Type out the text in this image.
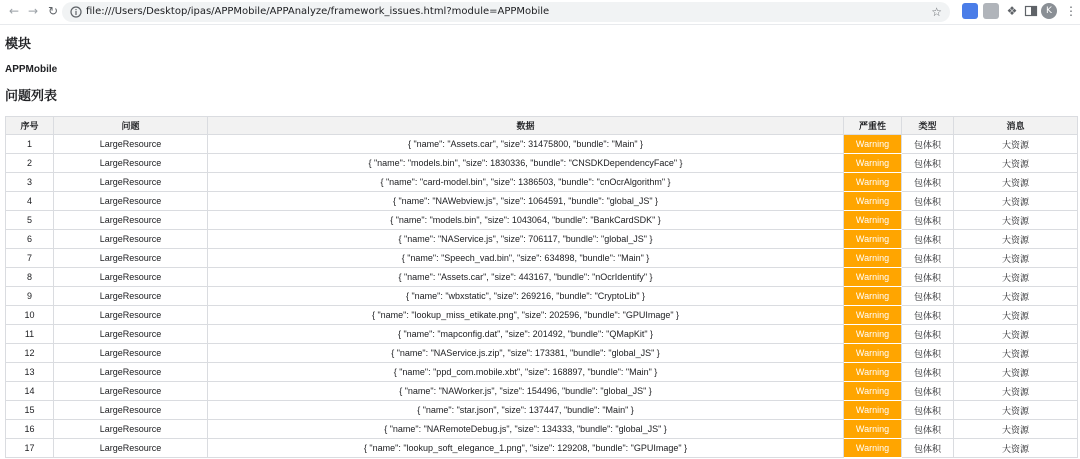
← → ↻	file:///Users/Desktop/ipas/APPMobile/APPAnalyze/framework_issues.html?module=APPMobile	☆	❖	K	⋮
模块
APPMobile
问题列表
序号	问题	数据	严重性	类型	消息
1	LargeResource	{ "name": "Assets.car", "size": 31475800, "bundle": "Main" }	Warning	包体积	大资源
2	LargeResource	{ "name": "models.bin", "size": 1830336, "bundle": "CNSDKDependencyFace" }	Warning	包体积	大资源
3	LargeResource	{ "name": "card-model.bin", "size": 1386503, "bundle": "cnOcrAlgorithm" }	Warning	包体积	大资源
4	LargeResource	{ "name": "NAWebview.js", "size": 1064591, "bundle": "global_JS" }	Warning	包体积	大资源
5	LargeResource	{ "name": "models.bin", "size": 1043064, "bundle": "BankCardSDK" }	Warning	包体积	大资源
6	LargeResource	{ "name": "NAService.js", "size": 706117, "bundle": "global_JS" }	Warning	包体积	大资源
7	LargeResource	{ "name": "Speech_vad.bin", "size": 634898, "bundle": "Main" }	Warning	包体积	大资源
8	LargeResource	{ "name": "Assets.car", "size": 443167, "bundle": "nOcrIdentify" }	Warning	包体积	大资源
9	LargeResource	{ "name": "wbxstatic", "size": 269216, "bundle": "CryptoLib" }	Warning	包体积	大资源
10	LargeResource	{ "name": "lookup_miss_etikate.png", "size": 202596, "bundle": "GPUImage" }	Warning	包体积	大资源
11	LargeResource	{ "name": "mapconfig.dat", "size": 201492, "bundle": "QMapKit" }	Warning	包体积	大资源
12	LargeResource	{ "name": "NAService.js.zip", "size": 173381, "bundle": "global_JS" }	Warning	包体积	大资源
13	LargeResource	{ "name": "ppd_com.mobile.xbt", "size": 168897, "bundle": "Main" }	Warning	包体积	大资源
14	LargeResource	{ "name": "NAWorker.js", "size": 154496, "bundle": "global_JS" }	Warning	包体积	大资源
15	LargeResource	{ "name": "star.json", "size": 137447, "bundle": "Main" }	Warning	包体积	大资源
16	LargeResource	{ "name": "NARemoteDebug.js", "size": 134333, "bundle": "global_JS" }	Warning	包体积	大资源
17	LargeResource	{ "name": "lookup_soft_elegance_1.png", "size": 129208, "bundle": "GPUImage" }	Warning	包体积	大资源
